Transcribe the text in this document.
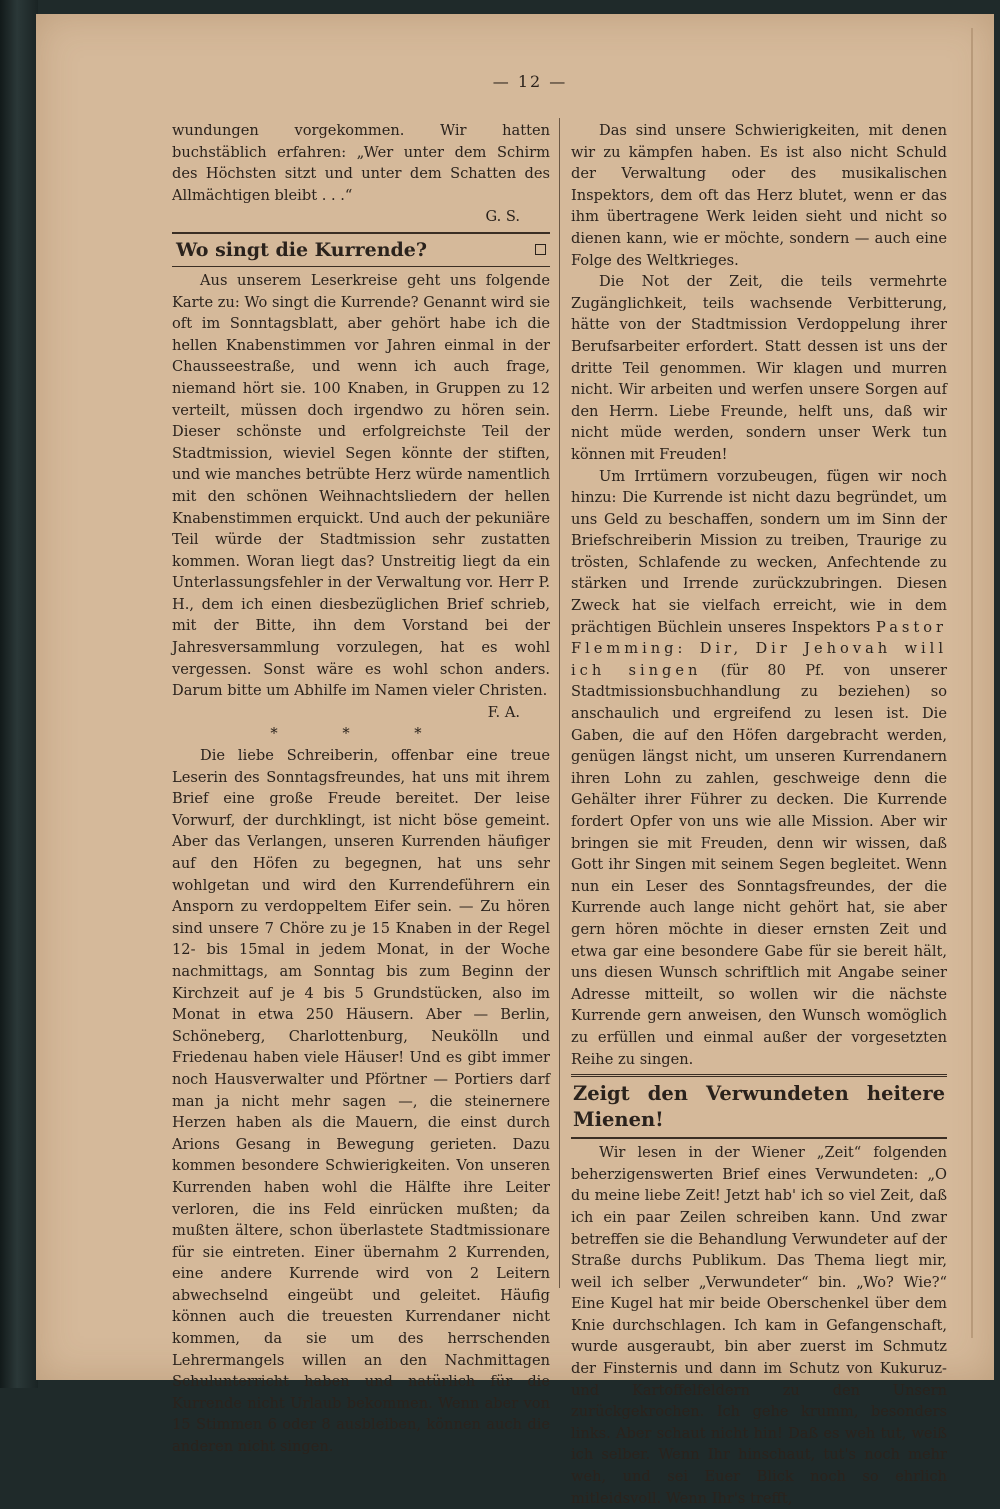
— 12 —

wundungen vorgekommen. Wir hatten buchstäblich erfahren: „Wer unter dem Schirm des Höchsten sitzt und unter dem Schatten des Allmächtigen bleibt . . .“

G. S.

Wo singt die Kurrende?

Aus unserem Leserkreise geht uns folgende Karte zu: Wo singt die Kurrende? Genannt wird sie oft im Sonntagsblatt, aber gehört habe ich die hellen Knabenstimmen vor Jahren einmal in der Chausseestraße, und wenn ich auch frage, niemand hört sie. 100 Knaben, in Gruppen zu 12 verteilt, müssen doch irgendwo zu hören sein. Dieser schönste und erfolgreichste Teil der Stadtmission, wieviel Segen könnte der stiften, und wie manches betrübte Herz würde namentlich mit den schönen Weihnachtsliedern der hellen Knabenstimmen erquickt. Und auch der pekuniäre Teil würde der Stadtmission sehr zustatten kommen. Woran liegt das? Unstreitig liegt da ein Unterlassungsfehler in der Verwaltung vor. Herr P. H., dem ich einen diesbezüglichen Brief schrieb, mit der Bitte, ihn dem Vorstand bei der Jahresversammlung vorzulegen, hat es wohl vergessen. Sonst wäre es wohl schon anders. Darum bitte um Abhilfe im Namen vieler Christen.

F. A.

* * *

Die liebe Schreiberin, offenbar eine treue Leserin des Sonntagsfreundes, hat uns mit ihrem Brief eine große Freude bereitet. Der leise Vorwurf, der durchklingt, ist nicht böse gemeint. Aber das Verlangen, unseren Kurrenden häufiger auf den Höfen zu begegnen, hat uns sehr wohlgetan und wird den Kurrendeführern ein Ansporn zu verdoppeltem Eifer sein. — Zu hören sind unsere 7 Chöre zu je 15 Knaben in der Regel 12- bis 15mal in jedem Monat, in der Woche nachmittags, am Sonntag bis zum Beginn der Kirchzeit auf je 4 bis 5 Grundstücken, also im Monat in etwa 250 Häusern. Aber — Berlin, Schöneberg, Charlottenburg, Neukölln und Friedenau haben viele Häuser! Und es gibt immer noch Hausverwalter und Pförtner — Portiers darf man ja nicht mehr sagen —, die steinernere Herzen haben als die Mauern, die einst durch Arions Gesang in Bewegung gerieten. Dazu kommen besondere Schwierigkeiten. Von unseren Kurrenden haben wohl die Hälfte ihre Leiter verloren, die ins Feld einrücken mußten; da mußten ältere, schon überlastete Stadtmissionare für sie eintreten. Einer übernahm 2 Kurrenden, eine andere Kurrende wird von 2 Leitern abwechselnd eingeübt und geleitet. Häufig können auch die treuesten Kurrendaner nicht kommen, da sie um des herrschenden Lehrermangels willen an den Nachmittagen Schulunterricht haben und natürlich für die Kurrende nicht Urlaub bekommen. Wenn aber von 15 Stimmen 6 oder 8 ausbleiben, können auch die anderen nicht singen.

Das sind unsere Schwierigkeiten, mit denen wir zu kämpfen haben. Es ist also nicht Schuld der Verwaltung oder des musikalischen Inspektors, dem oft das Herz blutet, wenn er das ihm übertragene Werk leiden sieht und nicht so dienen kann, wie er möchte, sondern — auch eine Folge des Weltkrieges.

Die Not der Zeit, die teils vermehrte Zugänglichkeit, teils wachsende Verbitterung, hätte von der Stadtmission Verdoppelung ihrer Berufsarbeiter erfordert. Statt dessen ist uns der dritte Teil genommen. Wir klagen und murren nicht. Wir arbeiten und werfen unsere Sorgen auf den Herrn. Liebe Freunde, helft uns, daß wir nicht müde werden, sondern unser Werk tun können mit Freuden!

Um Irrtümern vorzubeugen, fügen wir noch hinzu: Die Kurrende ist nicht dazu begründet, um uns Geld zu beschaffen, sondern um im Sinn der Briefschreiberin Mission zu treiben, Traurige zu trösten, Schlafende zu wecken, Anfechtende zu stärken und Irrende zurückzubringen. Diesen Zweck hat sie vielfach erreicht, wie in dem prächtigen Büchlein unseres Inspektors Pastor Flemming: Dir, Dir Jehovah will ich singen (für 80 Pf. von unserer Stadtmissionsbuchhandlung zu beziehen) so anschaulich und ergreifend zu lesen ist. Die Gaben, die auf den Höfen dargebracht werden, genügen längst nicht, um unseren Kurrendanern ihren Lohn zu zahlen, geschweige denn die Gehälter ihrer Führer zu decken. Die Kurrende fordert Opfer von uns wie alle Mission. Aber wir bringen sie mit Freuden, denn wir wissen, daß Gott ihr Singen mit seinem Segen begleitet. Wenn nun ein Leser des Sonntagsfreundes, der die Kurrende auch lange nicht gehört hat, sie aber gern hören möchte in dieser ernsten Zeit und etwa gar eine besondere Gabe für sie bereit hält, uns diesen Wunsch schriftlich mit Angabe seiner Adresse mitteilt, so wollen wir die nächste Kurrende gern anweisen, den Wunsch womöglich zu erfüllen und einmal außer der vorgesetzten Reihe zu singen.

Zeigt den Verwundeten heitere Mienen!

Wir lesen in der Wiener „Zeit“ folgenden beherzigenswerten Brief eines Verwundeten: „O du meine liebe Zeit! Jetzt hab' ich so viel Zeit, daß ich ein paar Zeilen schreiben kann. Und zwar betreffen sie die Behandlung Verwundeter auf der Straße durchs Publikum. Das Thema liegt mir, weil ich selber „Verwundeter“ bin. „Wo? Wie?“ Eine Kugel hat mir beide Oberschenkel über dem Knie durchschlagen. Ich kam in Gefangenschaft, wurde ausgeraubt, bin aber zuerst im Schmutz der Finsternis und dann im Schutz von Kukuruz- und Kartoffelfeldern zu den Unsern zurückgekrochen. Ich gehe krumm, besonders links. Aber schaut nicht hin! Daß es weh tut, weiß ich selber. Wenn Ihr hinschaut, tut's noch mehr weh, und sei Euer Blick noch so ehrlich mitleidsvoll. Wenn Ihr's trefft,
